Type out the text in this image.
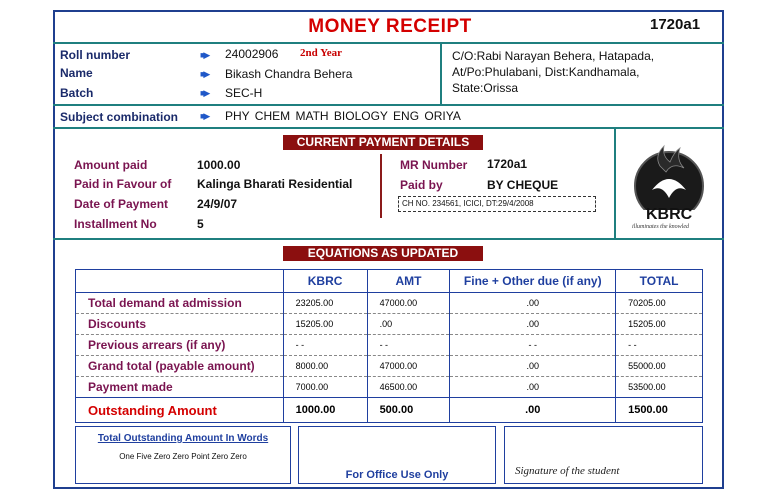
MONEY RECEIPT	1720a1
Roll number	■▶ 24002906 2nd Year
Name	■▶ Bikash Chandra Behera
Batch	■▶ SEC-H
C/O:Rabi Narayan Behera, Hatapada,
At/Po:Phulabani, Dist:Kandhamala,
State:Orissa
Subject combination ■▶ PHY CHEM MATH BIOLOGY ENG ORIYA
CURRENT PAYMENT DETAILS
Amount paid	1000.00
Paid in Favour of Kalinga Bharati Residential
Date of Payment 24/9/07
Installment No	5
MR Number 1720a1
Paid by	BY CHEQUE
CH NO. 234561, ICICI, DT:29/4/2008
KBRC
illuminates the knowled
EQUATIONS AS UPDATED
	KBRC	AMT	Fine + Other due (if any)	TOTAL
Total demand at admission	23205.00	47000.00	.00	70205.00
Discounts	15205.00	.00	.00	15205.00
Previous arrears (if any)	- -	- -	- -	- -
Grand total (payable amount)	8000.00	47000.00	.00	55000.00
Payment made	7000.00	46500.00	.00	53500.00
Outstanding Amount	1000.00	500.00	.00	1500.00
Total Outstanding Amount In Words
One Five Zero Zero Point Zero Zero
For Office Use Only	Signature of the student
